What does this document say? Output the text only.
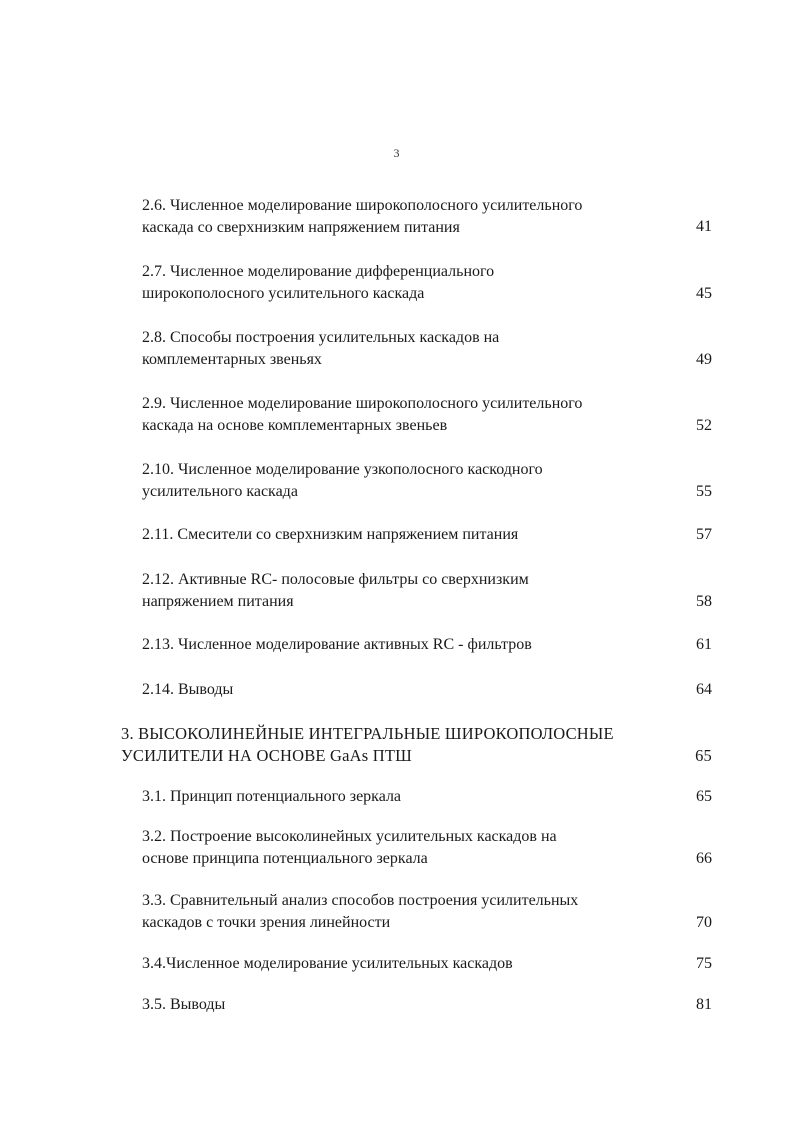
3
2.6. Численное моделирование широкополосного усилительного
каскада со сверхнизким напряжением питания	41
2.7. Численное моделирование дифференциального
широкополосного усилительного каскада	45
2.8. Способы построения усилительных каскадов на
комплементарных звеньях	49
2.9. Численное моделирование широкополосного усилительного
каскада на основе комплементарных звеньев	52
2.10. Численное моделирование узкополосного каскодного
усилительного каскада	55
2.11. Смесители со сверхнизким напряжением питания	57
2.12. Активные RC- полосовые фильтры со сверхнизким
напряжением питания	58
2.13. Численное моделирование активных RC - фильтров	61
2.14. Выводы	64
3. ВЫСОКОЛИНЕЙНЫЕ ИНТЕГРАЛЬНЫЕ ШИРОКОПОЛОСНЫЕ
УСИЛИТЕЛИ НА ОСНОВЕ GaAs ПТШ	65
3.1. Принцип потенциального зеркала	65
3.2. Построение высоколинейных усилительных каскадов на
основе принципа потенциального зеркала	66
3.3. Сравнительный анализ способов построения усилительных
каскадов с точки зрения линейности	70
3.4.Численное моделирование усилительных каскадов	75
3.5. Выводы	81
